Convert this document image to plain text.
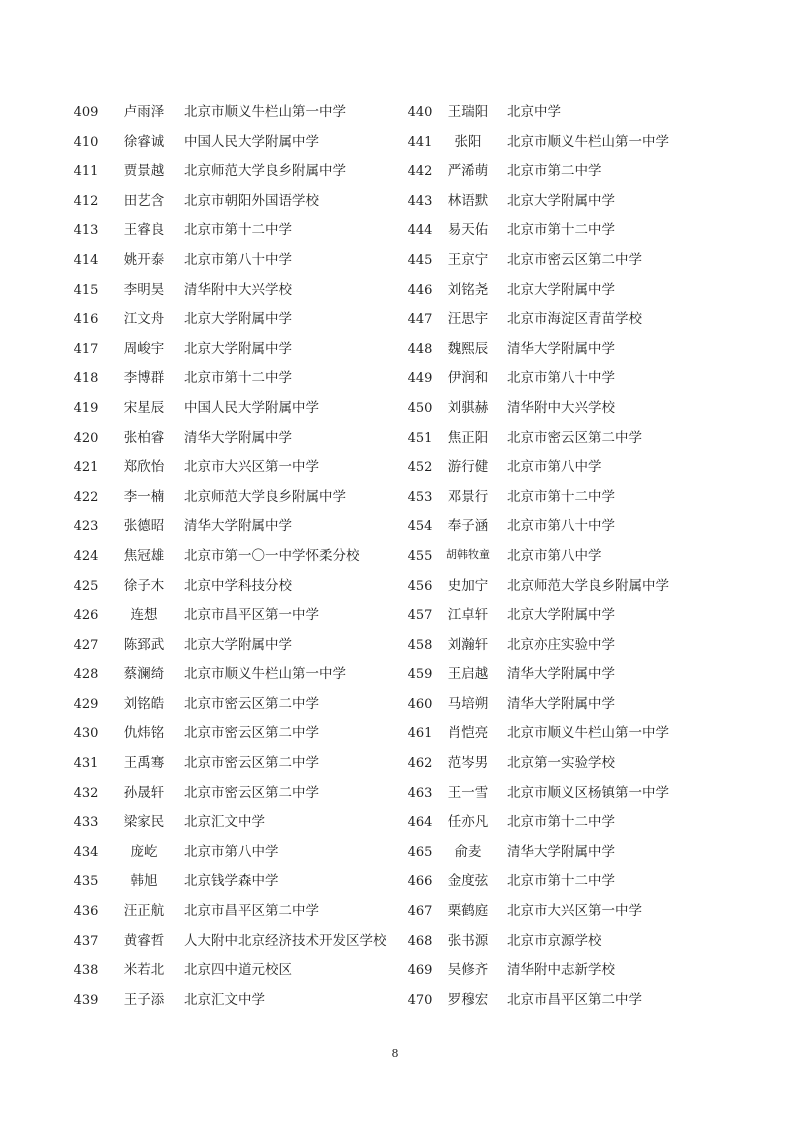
409	卢雨泽	北京市顺义牛栏山第一中学
410	徐睿诚	中国人民大学附属中学
411	贾景越	北京师范大学良乡附属中学
412	田艺含	北京市朝阳外国语学校
413	王睿良	北京市第十二中学
414	姚开泰	北京市第八十中学
415	李明昊	清华附中大兴学校
416	江文舟	北京大学附属中学
417	周峻宇	北京大学附属中学
418	李博群	北京市第十二中学
419	宋星辰	中国人民大学附属中学
420	张柏睿	清华大学附属中学
421	郑欣怡	北京市大兴区第一中学
422	李一楠	北京师范大学良乡附属中学
423	张德昭	清华大学附属中学
424	焦冠雄	北京市第一〇一中学怀柔分校
425	徐子木	北京中学科技分校
426	连想	北京市昌平区第一中学
427	陈郅武	北京大学附属中学
428	蔡澜绮	北京市顺义牛栏山第一中学
429	刘铭皓	北京市密云区第二中学
430	仇炜铭	北京市密云区第二中学
431	王禹骞	北京市密云区第二中学
432	孙晟轩	北京市密云区第二中学
433	梁家民	北京汇文中学
434	庞屹	北京市第八中学
435	韩旭	北京钱学森中学
436	汪正航	北京市昌平区第二中学
437	黄睿哲	人大附中北京经济技术开发区学校
438	米若北	北京四中道元校区
439	王子添	北京汇文中学
440	王瑞阳	北京中学
441	张阳	北京市顺义牛栏山第一中学
442	严浠萌	北京市第二中学
443	林语默	北京大学附属中学
444	易天佑	北京市第十二中学
445	王京宁	北京市密云区第二中学
446	刘铭尧	北京大学附属中学
447	汪思宇	北京市海淀区青苗学校
448	魏熙辰	清华大学附属中学
449	伊润和	北京市第八十中学
450	刘骐赫	清华附中大兴学校
451	焦正阳	北京市密云区第二中学
452	游行健	北京市第八中学
453	邓景行	北京市第十二中学
454	奉子涵	北京市第八十中学
455	胡韩牧童	北京市第八中学
456	史加宁	北京师范大学良乡附属中学
457	江卓轩	北京大学附属中学
458	刘瀚轩	北京亦庄实验中学
459	王启越	清华大学附属中学
460	马培朔	清华大学附属中学
461	肖恺亮	北京市顺义牛栏山第一中学
462	范岑男	北京第一实验学校
463	王一雪	北京市顺义区杨镇第一中学
464	任亦凡	北京市第十二中学
465	俞麦	清华大学附属中学
466	金度弦	北京市第十二中学
467	栗鹤庭	北京市大兴区第一中学
468	张书源	北京市京源学校
469	吴修齐	清华附中志新学校
470	罗穆宏	北京市昌平区第二中学
8
